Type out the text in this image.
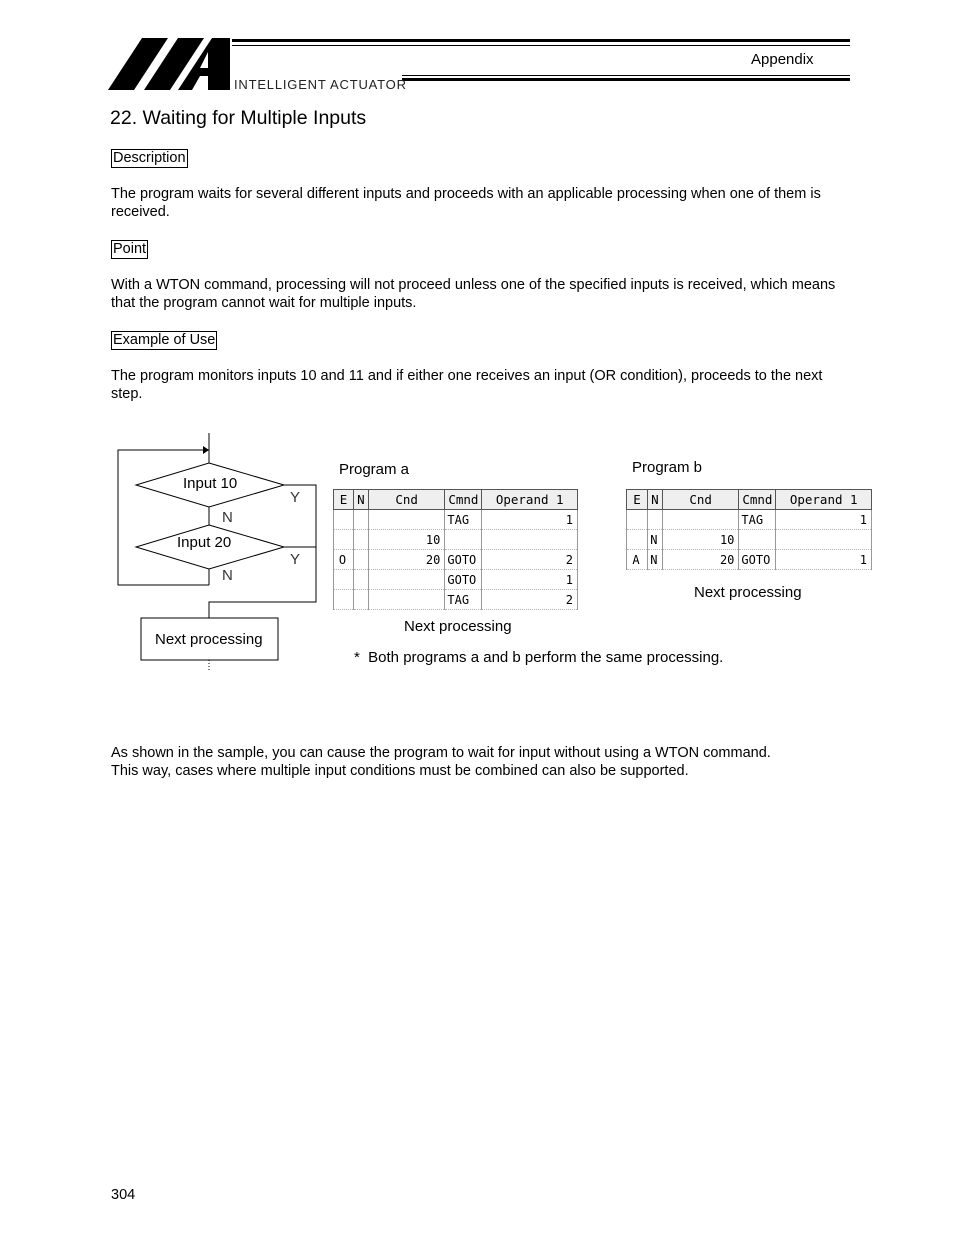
Appendix
INTELLIGENT ACTUATOR
22. Waiting for Multiple Inputs
Description
The program waits for several different inputs and proceeds with an applicable processing when one of them is received.
Point
With a WTON command, processing will not proceed unless one of the specified inputs is received, which means that the program cannot wait for multiple inputs.
Example of Use
The program monitors inputs 10 and 11 and if either one receives an input (OR condition), proceeds to the next step.
Input 10
Input 20
Y
N
Y
N
Next processing
Program a
E	N	Cnd	Cmnd	Operand 1
			TAG	1
		10		
O		20	GOTO	2
			GOTO	1
			TAG	2
Next processing
Program b
E	N	Cnd	Cmnd	Operand 1
			TAG	1
	N	10		
A	N	20	GOTO	1
Next processing
*  Both programs a and b perform the same processing.
As shown in the sample, you can cause the program to wait for input without using a WTON command.
This way, cases where multiple input conditions must be combined can also be supported.
304
